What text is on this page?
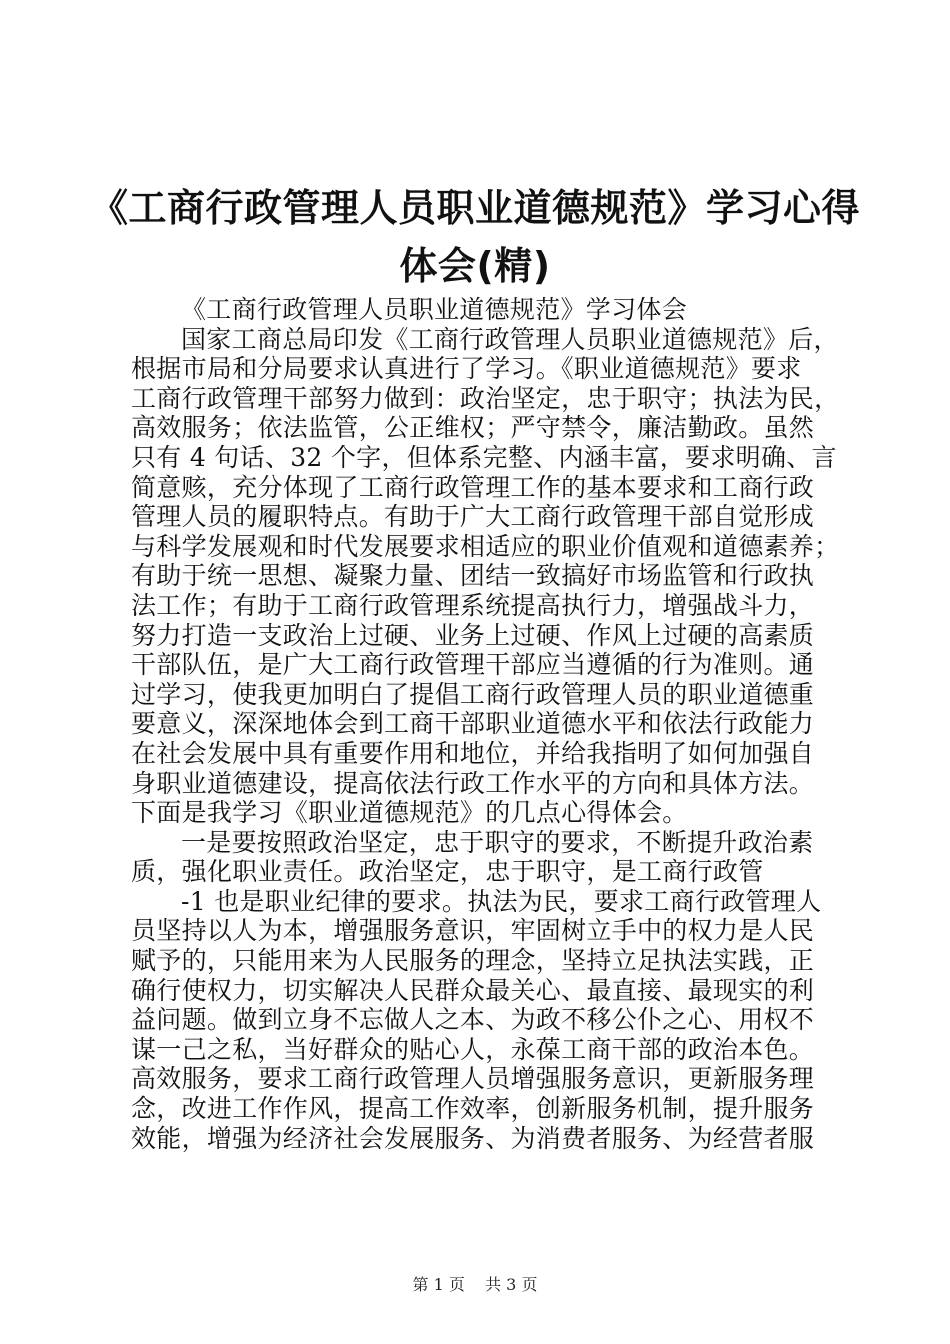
《工商行政管理人员职业道德规范》学习心得
体会(精)
《工商行政管理人员职业道德规范》学习体会
国家工商总局印发《工商行政管理人员职业道德规范》后，
根据市局和分局要求认真进行了学习。《职业道德规范》要求
工商行政管理干部努力做到：政治坚定，忠于职守；执法为民，
高效服务；依法监管，公正维权；严守禁令，廉洁勤政。虽然
只有 4 句话、32 个字，但体系完整、内涵丰富，要求明确、言
简意赅，充分体现了工商行政管理工作的基本要求和工商行政
管理人员的履职特点。有助于广大工商行政管理干部自觉形成
与科学发展观和时代发展要求相适应的职业价值观和道德素养；
有助于统一思想、凝聚力量、团结一致搞好市场监管和行政执
法工作；有助于工商行政管理系统提高执行力，增强战斗力，
努力打造一支政治上过硬、业务上过硬、作风上过硬的高素质
干部队伍，是广大工商行政管理干部应当遵循的行为准则。通
过学习，使我更加明白了提倡工商行政管理人员的职业道德重
要意义，深深地体会到工商干部职业道德水平和依法行政能力
在社会发展中具有重要作用和地位，并给我指明了如何加强自
身职业道德建设，提高依法行政工作水平的方向和具体方法。
下面是我学习《职业道德规范》的几点心得体会。
一是要按照政治坚定，忠于职守的要求，不断提升政治素
质，强化职业责任。政治坚定，忠于职守，是工商行政管
-1 也是职业纪律的要求。执法为民，要求工商行政管理人
员坚持以人为本，增强服务意识，牢固树立手中的权力是人民
赋予的，只能用来为人民服务的理念，坚持立足执法实践，正
确行使权力，切实解决人民群众最关心、最直接、最现实的利
益问题。做到立身不忘做人之本、为政不移公仆之心、用权不
谋一己之私，当好群众的贴心人，永葆工商干部的政治本色。
高效服务，要求工商行政管理人员增强服务意识，更新服务理
念，改进工作作风，提高工作效率，创新服务机制，提升服务
效能，增强为经济社会发展服务、为消费者服务、为经营者服
第 1 页 共 3 页
